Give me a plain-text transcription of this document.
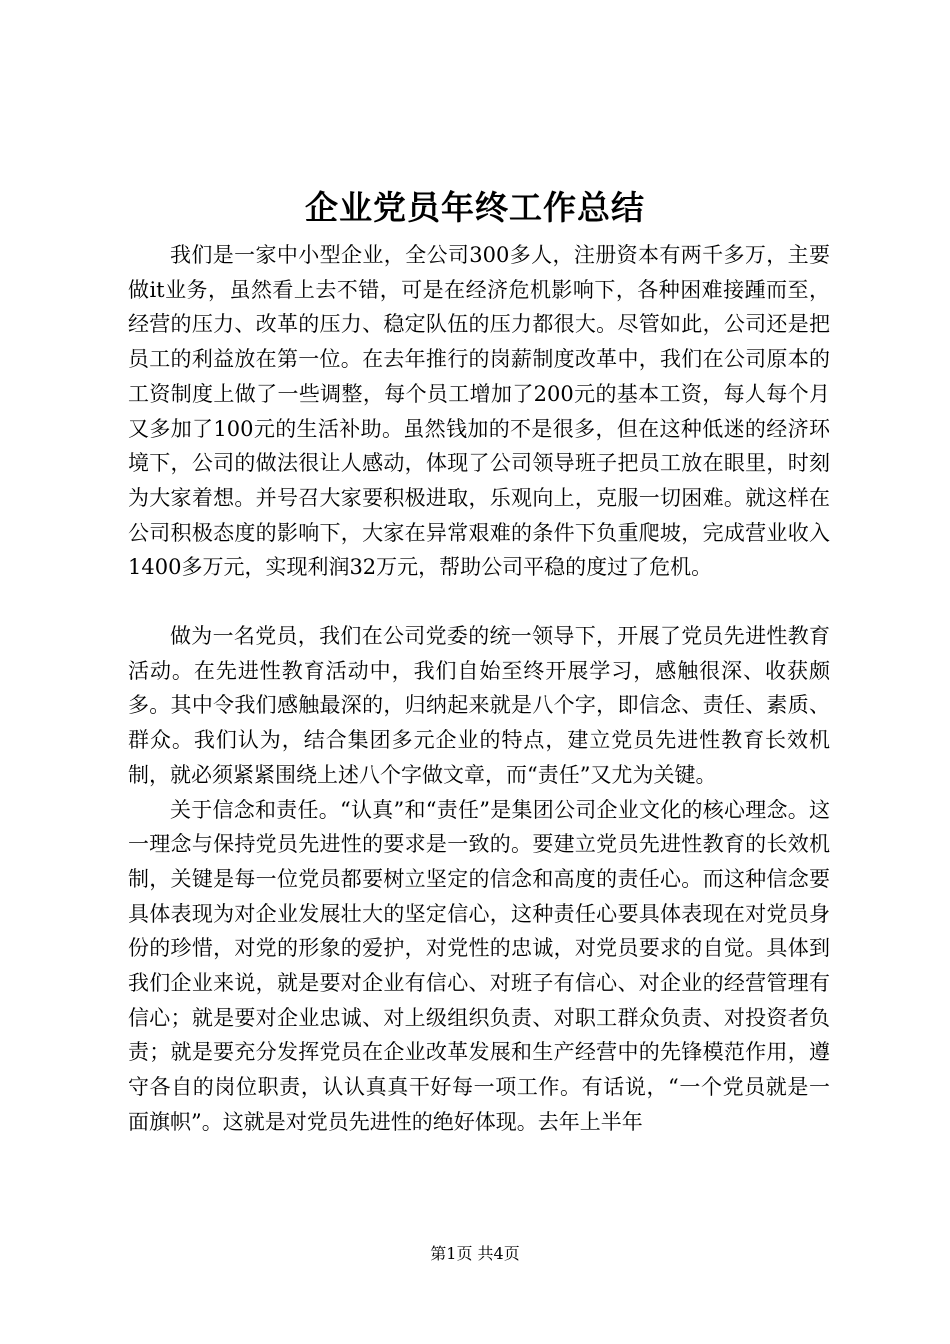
企业党员年终工作总结

我们是一家中小型企业，全公司300多人，注册资本有两千多万，主要做it业务，虽然看上去不错，可是在经济危机影响下，各种困难接踵而至，经营的压力、改革的压力、稳定队伍的压力都很大。尽管如此，公司还是把员工的利益放在第一位。在去年推行的岗薪制度改革中，我们在公司原本的工资制度上做了一些调整，每个员工增加了200元的基本工资，每人每个月又多加了100元的生活补助。虽然钱加的不是很多，但在这种低迷的经济环境下，公司的做法很让人感动，体现了公司领导班子把员工放在眼里，时刻为大家着想。并号召大家要积极进取，乐观向上，克服一切困难。就这样在公司积极态度的影响下，大家在异常艰难的条件下负重爬坡，完成营业收入1400多万元，实现利润32万元，帮助公司平稳的度过了危机。

做为一名党员，我们在公司党委的统一领导下，开展了党员先进性教育活动。在先进性教育活动中，我们自始至终开展学习，感触很深、收获颇多。其中令我们感触最深的，归纳起来就是八个字，即信念、责任、素质、群众。我们认为，结合集团多元企业的特点，建立党员先进性教育长效机制，就必须紧紧围绕上述八个字做文章，而“责任”又尤为关键。

关于信念和责任。“认真”和“责任”是集团公司企业文化的核心理念。这一理念与保持党员先进性的要求是一致的。要建立党员先进性教育的长效机制，关键是每一位党员都要树立坚定的信念和高度的责任心。而这种信念要具体表现为对企业发展壮大的坚定信心，这种责任心要具体表现在对党员身份的珍惜，对党的形象的爱护，对党性的忠诚，对党员要求的自觉。具体到我们企业来说，就是要对企业有信心、对班子有信心、对企业的经营管理有信心；就是要对企业忠诚、对上级组织负责、对职工群众负责、对投资者负责；就是要充分发挥党员在企业改革发展和生产经营中的先锋模范作用，遵守各自的岗位职责，认认真真干好每一项工作。有话说，“一个党员就是一面旗帜”。这就是对党员先进性的绝好体现。去年上半年

第1页 共4页
